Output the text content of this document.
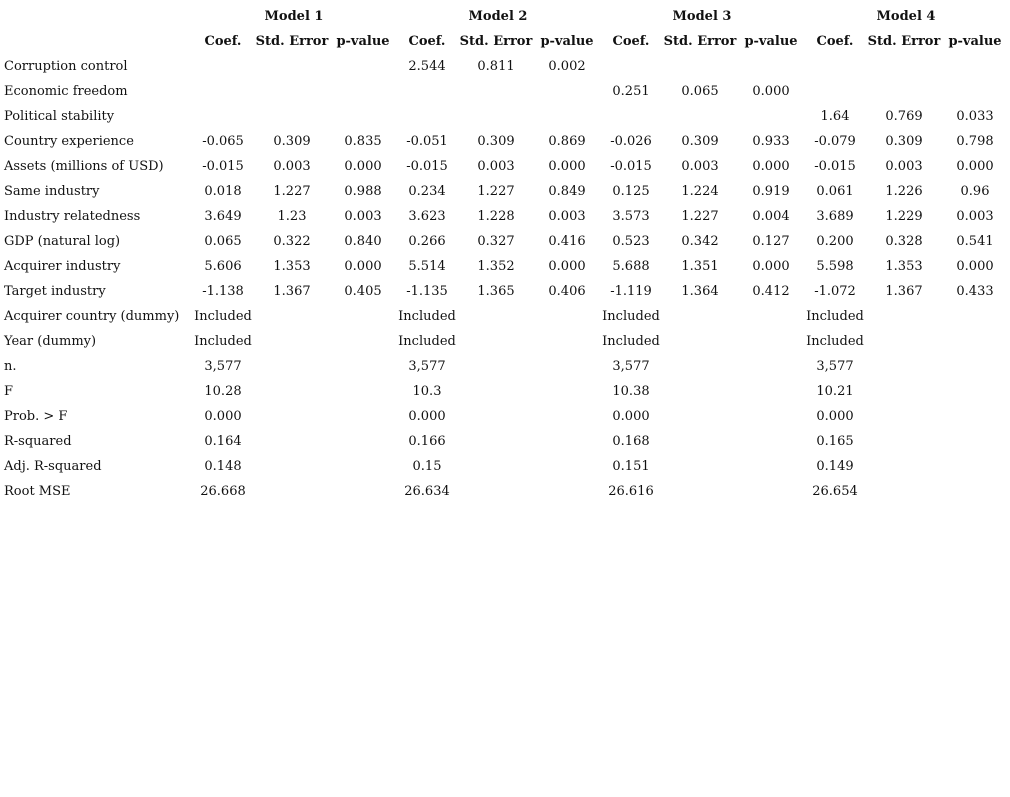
	Model 1			Model 2			Model 3			Model 4		
	Coef.	Std. Error	p-value	Coef.	Std. Error	p-value	Coef.	Std. Error	p-value	Coef.	Std. Error	p-value
Corruption control				2.544	0.811	0.002						
Economic freedom							0.251	0.065	0.000			
Political stability										1.64	0.769	0.033
Country experience	-0.065	0.309	0.835	-0.051	0.309	0.869	-0.026	0.309	0.933	-0.079	0.309	0.798
Assets (millions of USD)	-0.015	0.003	0.000	-0.015	0.003	0.000	-0.015	0.003	0.000	-0.015	0.003	0.000
Same industry	0.018	1.227	0.988	0.234	1.227	0.849	0.125	1.224	0.919	0.061	1.226	0.96
Industry relatedness	3.649	1.23	0.003	3.623	1.228	0.003	3.573	1.227	0.004	3.689	1.229	0.003
GDP (natural log)	0.065	0.322	0.840	0.266	0.327	0.416	0.523	0.342	0.127	0.200	0.328	0.541
Acquirer industry	5.606	1.353	0.000	5.514	1.352	0.000	5.688	1.351	0.000	5.598	1.353	0.000
Target industry	-1.138	1.367	0.405	-1.135	1.365	0.406	-1.119	1.364	0.412	-1.072	1.367	0.433
Acquirer country (dummy)	Included			Included			Included			Included		
Year (dummy)	Included			Included			Included			Included		
n.	3,577			3,577			3,577			3,577		
F	10.28			10.3			10.38			10.21		
Prob. > F	0.000			0.000			0.000			0.000		
R-squared	0.164			0.166			0.168			0.165		
Adj. R-squared	0.148			0.15			0.151			0.149		
Root MSE	26.668			26.634			26.616			26.654		
